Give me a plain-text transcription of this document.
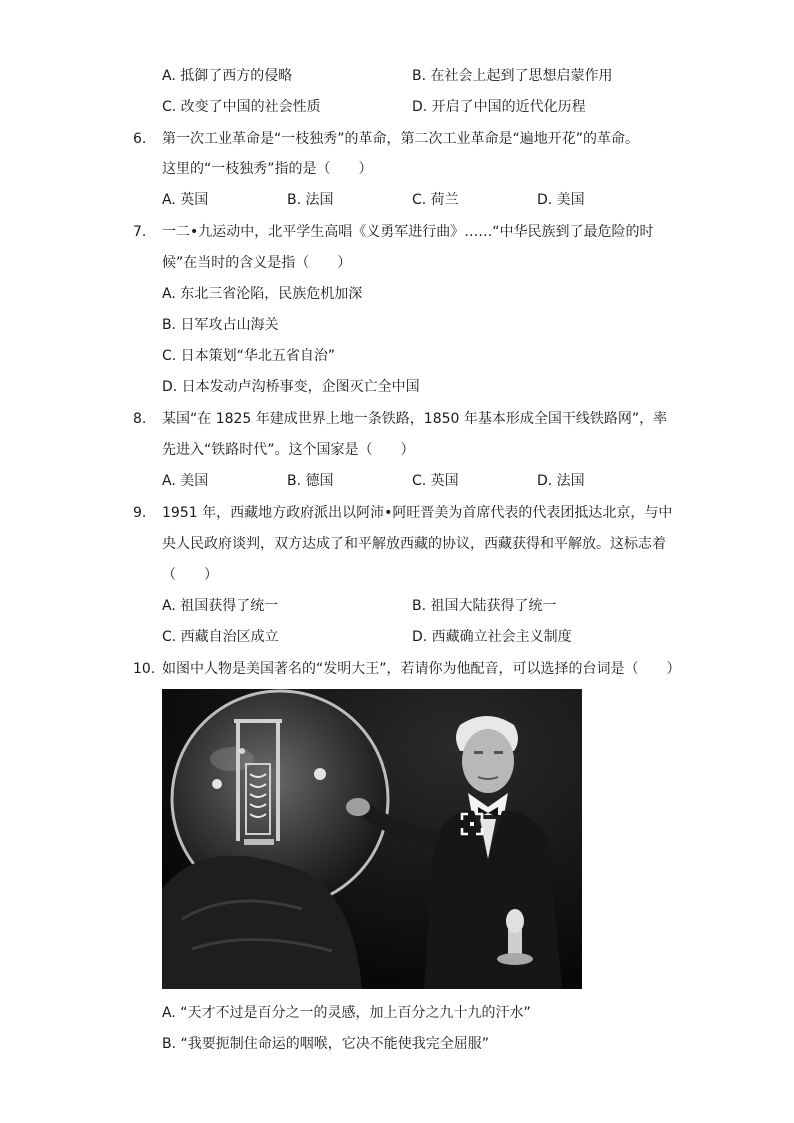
A. 抵御了西方的侵略	B. 在社会上起到了思想启蒙作用
C. 改变了中国的社会性质	D. 开启了中国的近代化历程
6. 第一次工业革命是“一枝独秀”的革命，第二次工业革命是“遍地开花”的革命。
这里的“一枝独秀”指的是（　　）
A. 英国	B. 法国	C. 荷兰	D. 美国
7. 一二•九运动中，北平学生高唱《义勇军进行曲》……“中华民族到了最危险的时
候”在当时的含义是指（　　）
A. 东北三省沦陷，民族危机加深
B. 日军攻占山海关
C. 日本策划“华北五省自治”
D. 日本发动卢沟桥事变，企图灭亡全中国
8. 某国“在 1825 年建成世界上地一条铁路，1850 年基本形成全国干线铁路网”，率
先进入“铁路时代”。这个国家是（　　）
A. 美国	B. 德国	C. 英国	D. 法国
9. 1951 年，西藏地方政府派出以阿沛•阿旺晋美为首席代表的代表团抵达北京，与中
央人民政府谈判，双方达成了和平解放西藏的协议，西藏获得和平解放。这标志着
（　　）
A. 祖国获得了统一	B. 祖国大陆获得了统一
C. 西藏自治区成立	D. 西藏确立社会主义制度
10. 如图中人物是美国著名的“发明大王”，若请你为他配音，可以选择的台词是（　　）
A. “天才不过是百分之一的灵感，加上百分之九十九的汗水”
B. “我要扼制住命运的咽喉，它决不能使我完全屈服”
